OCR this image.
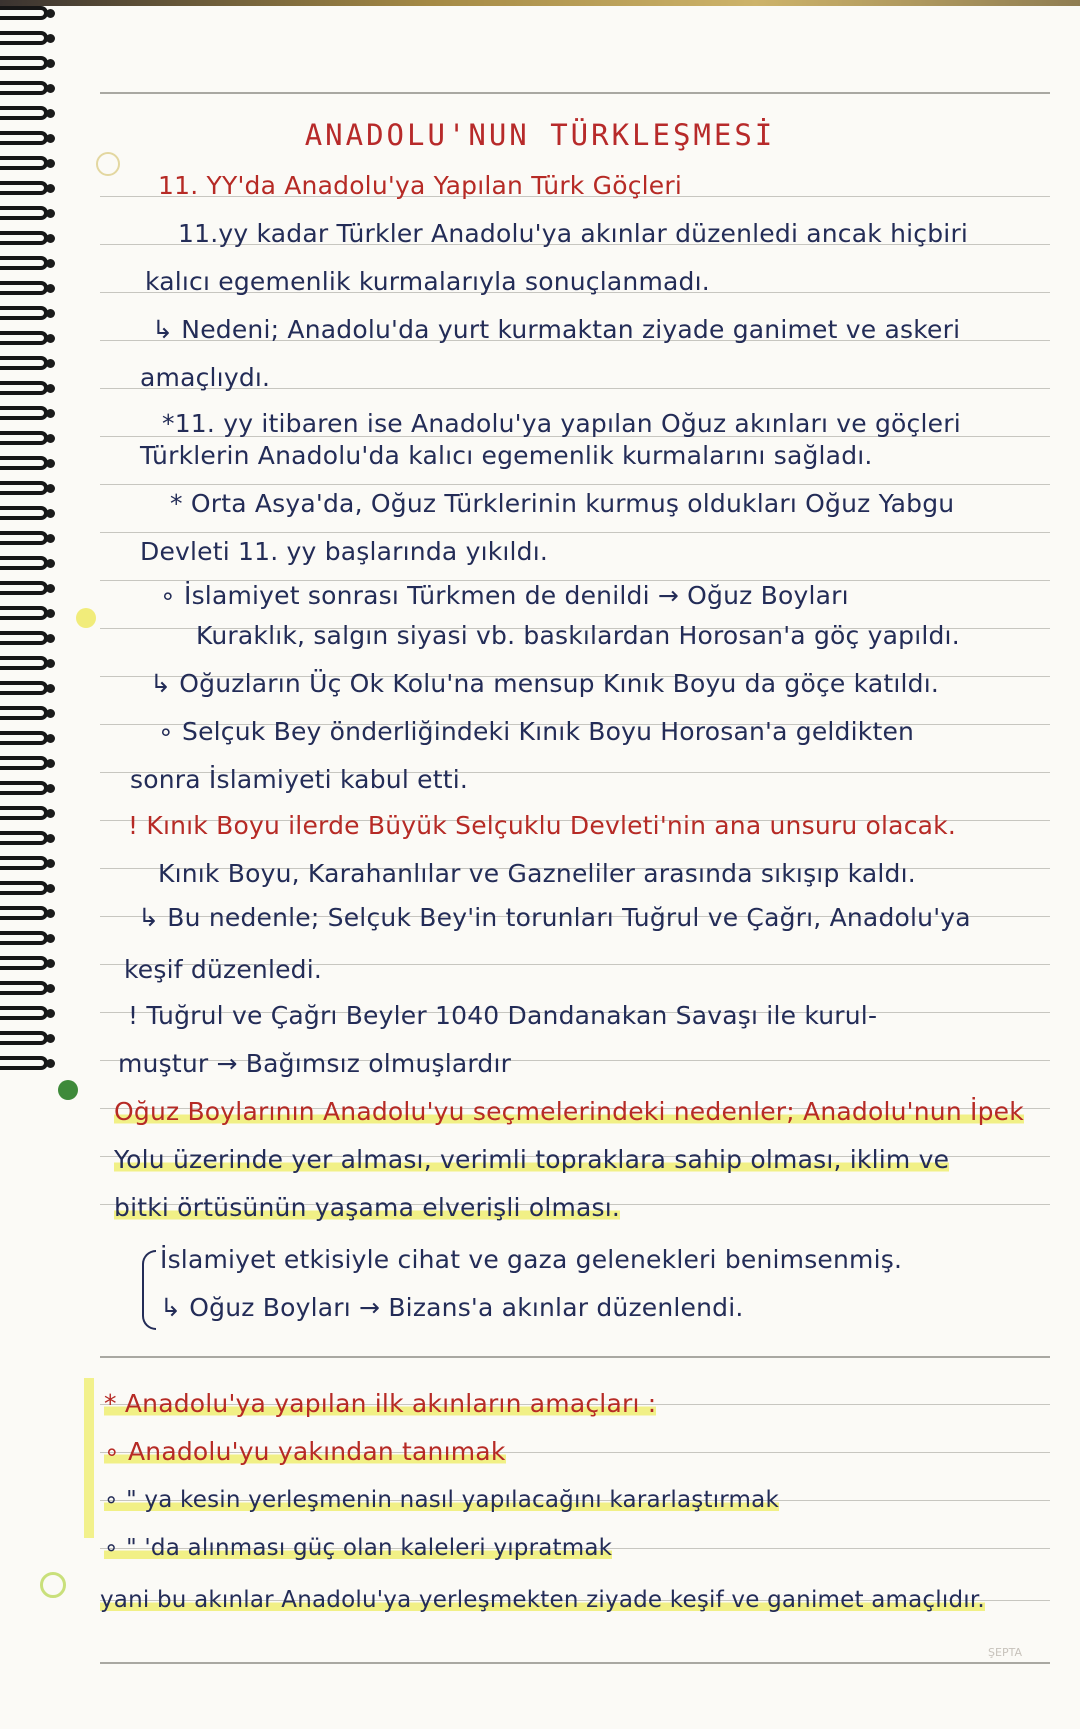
ANADOLU'NUN TÜRKLEŞMESİ
11. YY'da Anadolu'ya Yapılan Türk Göçleri
11.yy kadar Türkler Anadolu'ya akınlar düzenledi ancak hiçbiri
kalıcı egemenlik kurmalarıyla sonuçlanmadı.
↳ Nedeni; Anadolu'da yurt kurmaktan ziyade ganimet ve askeri
amaçlıydı.
*11. yy itibaren ise Anadolu'ya yapılan Oğuz akınları ve göçleri
Türklerin Anadolu'da kalıcı egemenlik kurmalarını sağladı.
* Orta Asya'da, Oğuz Türklerinin kurmuş oldukları Oğuz Yabgu
Devleti 11. yy başlarında yıkıldı.
∘ İslamiyet sonrası Türkmen de denildi → Oğuz Boyları
Kuraklık, salgın siyasi vb. baskılardan Horosan'a göç yapıldı.
↳ Oğuzların Üç Ok Kolu'na mensup Kınık Boyu da göçe katıldı.
∘ Selçuk Bey önderliğindeki Kınık Boyu Horosan'a geldikten
sonra İslamiyeti kabul etti.
! Kınık Boyu ilerde Büyük Selçuklu Devleti'nin ana unsuru olacak.
Kınık Boyu, Karahanlılar ve Gazneliler arasında sıkışıp kaldı.
↳ Bu nedenle; Selçuk Bey'in torunları Tuğrul ve Çağrı, Anadolu'ya
keşif düzenledi.
! Tuğrul ve Çağrı Beyler 1040 Dandanakan Savaşı ile kurul-
muştur → Bağımsız olmuşlardır
Oğuz Boylarının Anadolu'yu seçmelerindeki nedenler; Anadolu'nun İpek
Yolu üzerinde yer alması, verimli topraklara sahip olması, iklim ve
bitki örtüsünün yaşama elverişli olması.
İslamiyet etkisiyle cihat ve gaza gelenekleri benimsenmiş.
↳ Oğuz Boyları → Bizans'a akınlar düzenlendi.
* Anadolu'ya yapılan ilk akınların amaçları :
∘ Anadolu'yu yakından tanımak
∘ " ya kesin yerleşmenin nasıl yapılacağını kararlaştırmak
∘ " 'da alınması güç olan kaleleri yıpratmak
yani bu akınlar Anadolu'ya yerleşmekten ziyade keşif ve ganimet amaçlıdır.
ŞEPTA
